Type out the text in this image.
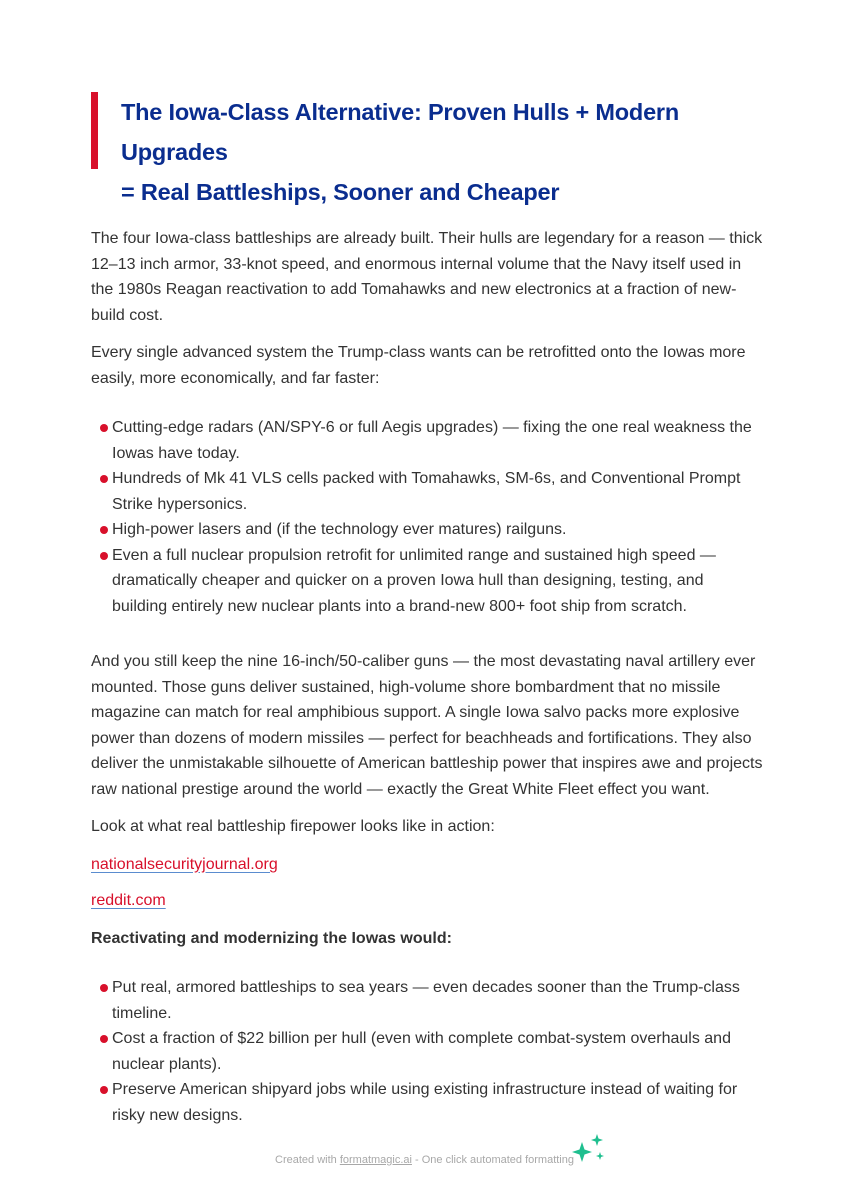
The Iowa-Class Alternative: Proven Hulls + Modern Upgrades
= Real Battleships, Sooner and Cheaper

The four Iowa-class battleships are already built. Their hulls are legendary for a reason — thick 12–13 inch armor, 33-knot speed, and enormous internal volume that the Navy itself used in the 1980s Reagan reactivation to add Tomahawks and new electronics at a fraction of new-build cost.

Every single advanced system the Trump-class wants can be retrofitted onto the Iowas more easily, more economically, and far faster:

Cutting-edge radars (AN/SPY-6 or full Aegis upgrades) — fixing the one real weakness the Iowas have today.
Hundreds of Mk 41 VLS cells packed with Tomahawks, SM-6s, and Conventional Prompt Strike hypersonics.
High-power lasers and (if the technology ever matures) railguns.
Even a full nuclear propulsion retrofit for unlimited range and sustained high speed — dramatically cheaper and quicker on a proven Iowa hull than designing, testing, and building entirely new nuclear plants into a brand-new 800+ foot ship from scratch.

And you still keep the nine 16-inch/50-caliber guns — the most devastating naval artillery ever mounted. Those guns deliver sustained, high-volume shore bombardment that no missile magazine can match for real amphibious support. A single Iowa salvo packs more explosive power than dozens of modern missiles — perfect for beachheads and fortifications. They also deliver the unmistakable silhouette of American battleship power that inspires awe and projects raw national prestige around the world — exactly the Great White Fleet effect you want.

Look at what real battleship firepower looks like in action:

nationalsecurityjournal.org
reddit.com

Reactivating and modernizing the Iowas would:

Put real, armored battleships to sea years — even decades sooner than the Trump-class timeline.
Cost a fraction of $22 billion per hull (even with complete combat-system overhauls and nuclear plants).
Preserve American shipyard jobs while using existing infrastructure instead of waiting for risky new designs.
Created with formatmagic.ai - One click automated formatting
